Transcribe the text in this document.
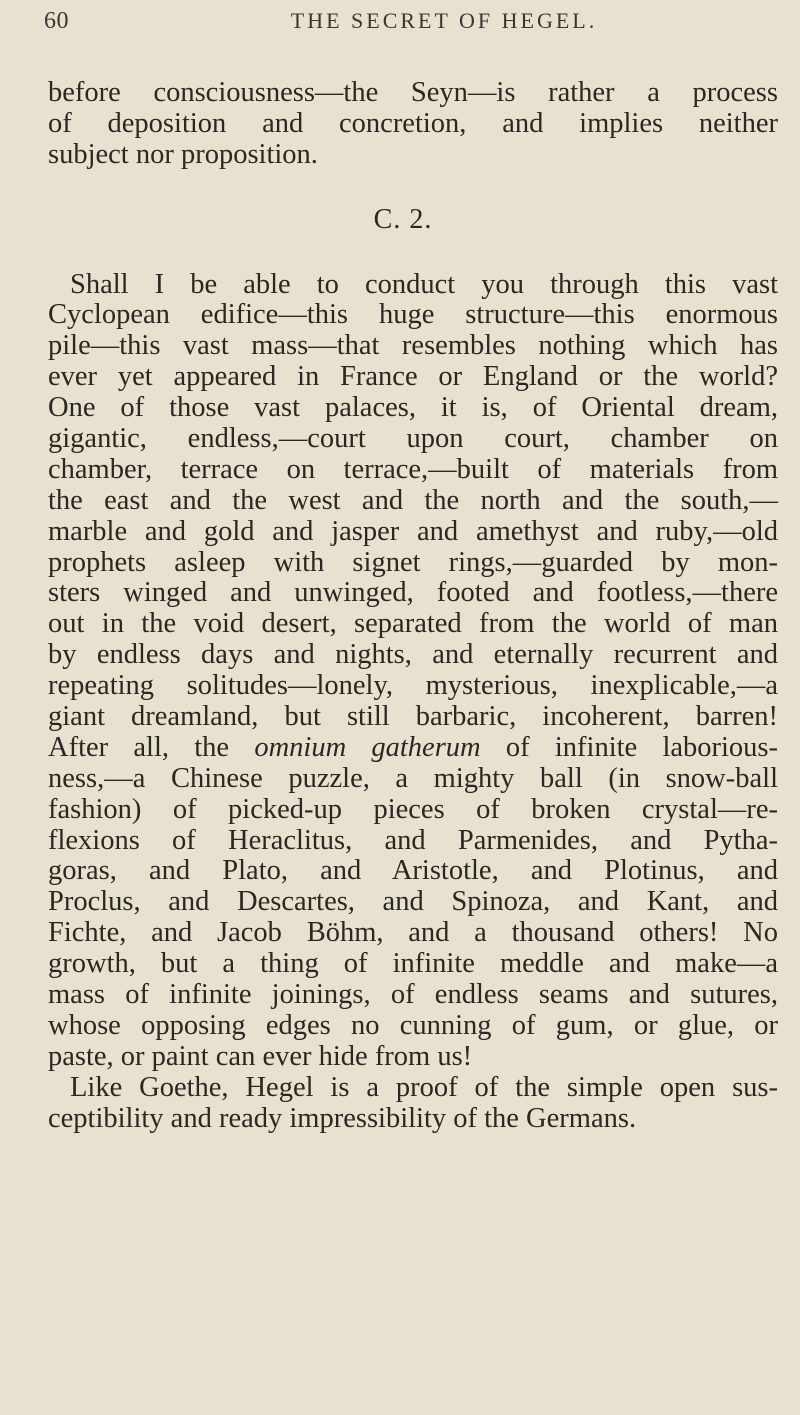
60	THE SECRET OF HEGEL.
before consciousness—the Seyn—is rather a process
of deposition and concretion, and implies neither
subject nor proposition.
C. 2.
Shall I be able to conduct you through this vast
Cyclopean edifice—this huge structure—this enormous
pile—this vast mass—that resembles nothing which has
ever yet appeared in France or England or the world?
One of those vast palaces, it is, of Oriental dream,
gigantic, endless,—court upon court, chamber on
chamber, terrace on terrace,—built of materials from
the east and the west and the north and the south,—
marble and gold and jasper and amethyst and ruby,—old
prophets asleep with signet rings,—guarded by mon-
sters winged and unwinged, footed and footless,—there
out in the void desert, separated from the world of man
by endless days and nights, and eternally recurrent and
repeating solitudes—lonely, mysterious, inexplicable,—a
giant dreamland, but still barbaric, incoherent, barren!
After all, the omnium gatherum of infinite laborious-
ness,—a Chinese puzzle, a mighty ball (in snow-ball
fashion) of picked-up pieces of broken crystal—re-
flexions of Heraclitus, and Parmenides, and Pytha-
goras, and Plato, and Aristotle, and Plotinus, and
Proclus, and Descartes, and Spinoza, and Kant, and
Fichte, and Jacob Böhm, and a thousand others! No
growth, but a thing of infinite meddle and make—a
mass of infinite joinings, of endless seams and sutures,
whose opposing edges no cunning of gum, or glue, or
paste, or paint can ever hide from us!
Like Goethe, Hegel is a proof of the simple open sus-
ceptibility and ready impressibility of the Germans.
